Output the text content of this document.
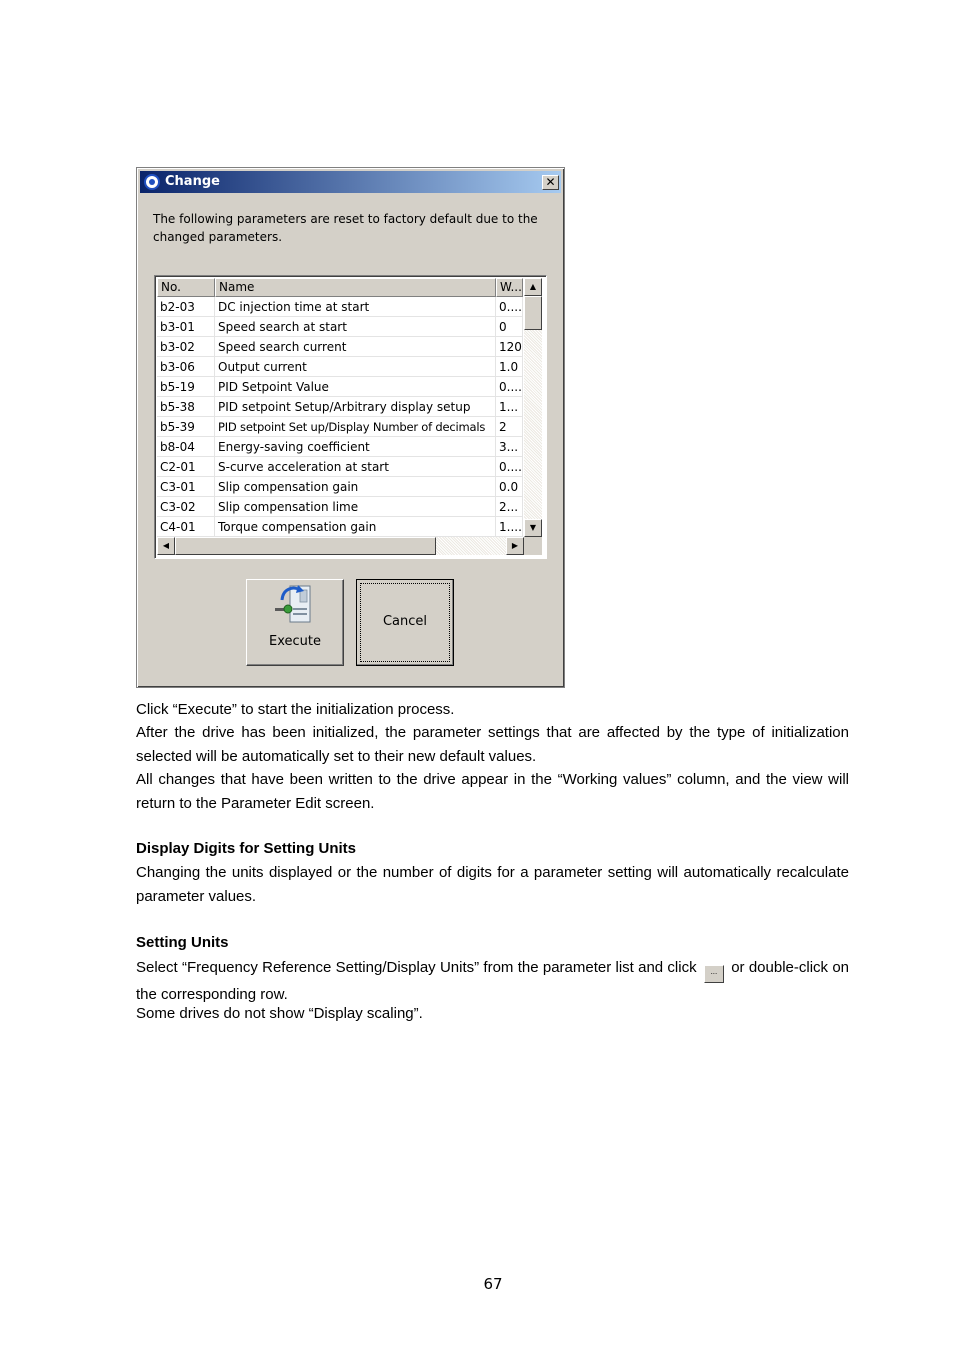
Change	✕
The following parameters are reset to factory default due to the changed parameters.
No.	Name	W...
b2-03	DC injection time at start	0....
b3-01	Speed search at start	0
b3-02	Speed search current	120
b3-06	Output current	1.0
b5-19	PID Setpoint Value	0....
b5-38	PID setpoint Setup/Arbitrary display setup	1...
b5-39	PID setpoint Set up/Display Number of decimals	2
b8-04	Energy-saving coefficient	3...
C2-01	S-curve acceleration at start	0....
C3-01	Slip compensation gain	0.0
C3-02	Slip compensation lime	2...
C4-01	Torque compensation gain	1....
▲
▼
◀	▶
Execute
Cancel
Click “Execute” to start the initialization process.
After the drive has been initialized, the parameter settings that are affected by the type of initialization selected will be automatically set to their new default values.
All changes that have been written to the drive appear in the “Working values” column, and the view will return to the Parameter Edit screen.
Display Digits for Setting Units
Changing the units displayed or the number of digits for a parameter setting will automatically recalculate parameter values.
Setting Units
Select “Frequency Reference Setting/Display Units” from the parameter list and click ... or double-click on the corresponding row.
Some drives do not show “Display scaling”.
67
